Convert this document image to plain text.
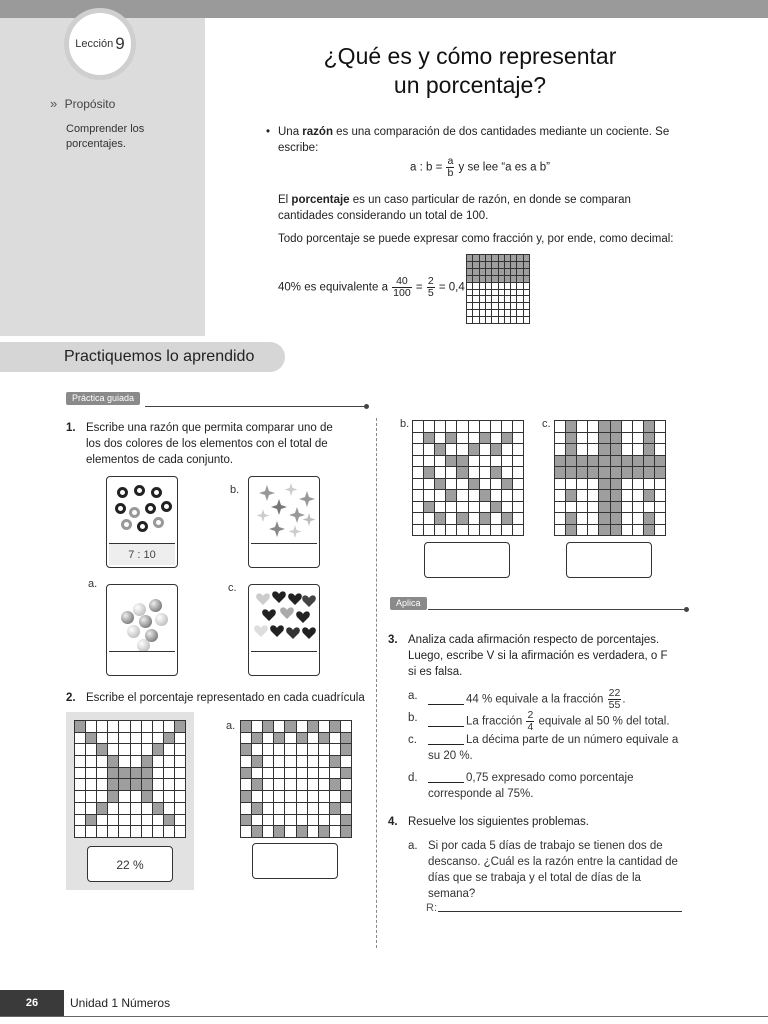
Lección 9
» Propósito
Comprender los porcentajes.
¿Qué es y cómo representar
un porcentaje?
• Una razón es una comparación de dos cantidades mediante un cociente. Se escribe:

a : $b = \frac{a}{b}$ y se lee “a es a b”
El porcentaje es un caso particular de razón, en donde se comparan cantidades considerando un total de 100.
Todo porcentaje se puede expresar como fracción y, por ende, como decimal:
40% es equivalente a $\frac{40}{100} = \frac{2}{5} = 0,4$
Practiquemos lo aprendido
Práctica guiada
1. Escribe una razón que permita comparar uno de los dos colores de los elementos con el total de elementos de cada conjunto.
7 : 10
b.
a.	c.
2. Escribe el porcentaje representado en cada cuadrícula
22 %
a.
b.	c.
Aplica
3. Analiza cada afirmación respecto de porcentajes. Luego, escribe V si la afirmación es verdadera, o F si es falsa.
a.	44 % equivale a la fracción $\frac{22}{55}$ .
b.	La fracción $\frac{2}{4}$ equivale al 50 % del total.
c.	La décima parte de un número equivale a su 20 %.
d.	0,75 expresado como porcentaje corresponde al 75%.
4. Resuelve los siguientes problemas.
a. Si por cada 5 días de trabajo se tienen dos de descanso. ¿Cuál es la razón entre la cantidad de días que se trabaja y el total de días de la semana?
R:
26	Unidad 1 Números
